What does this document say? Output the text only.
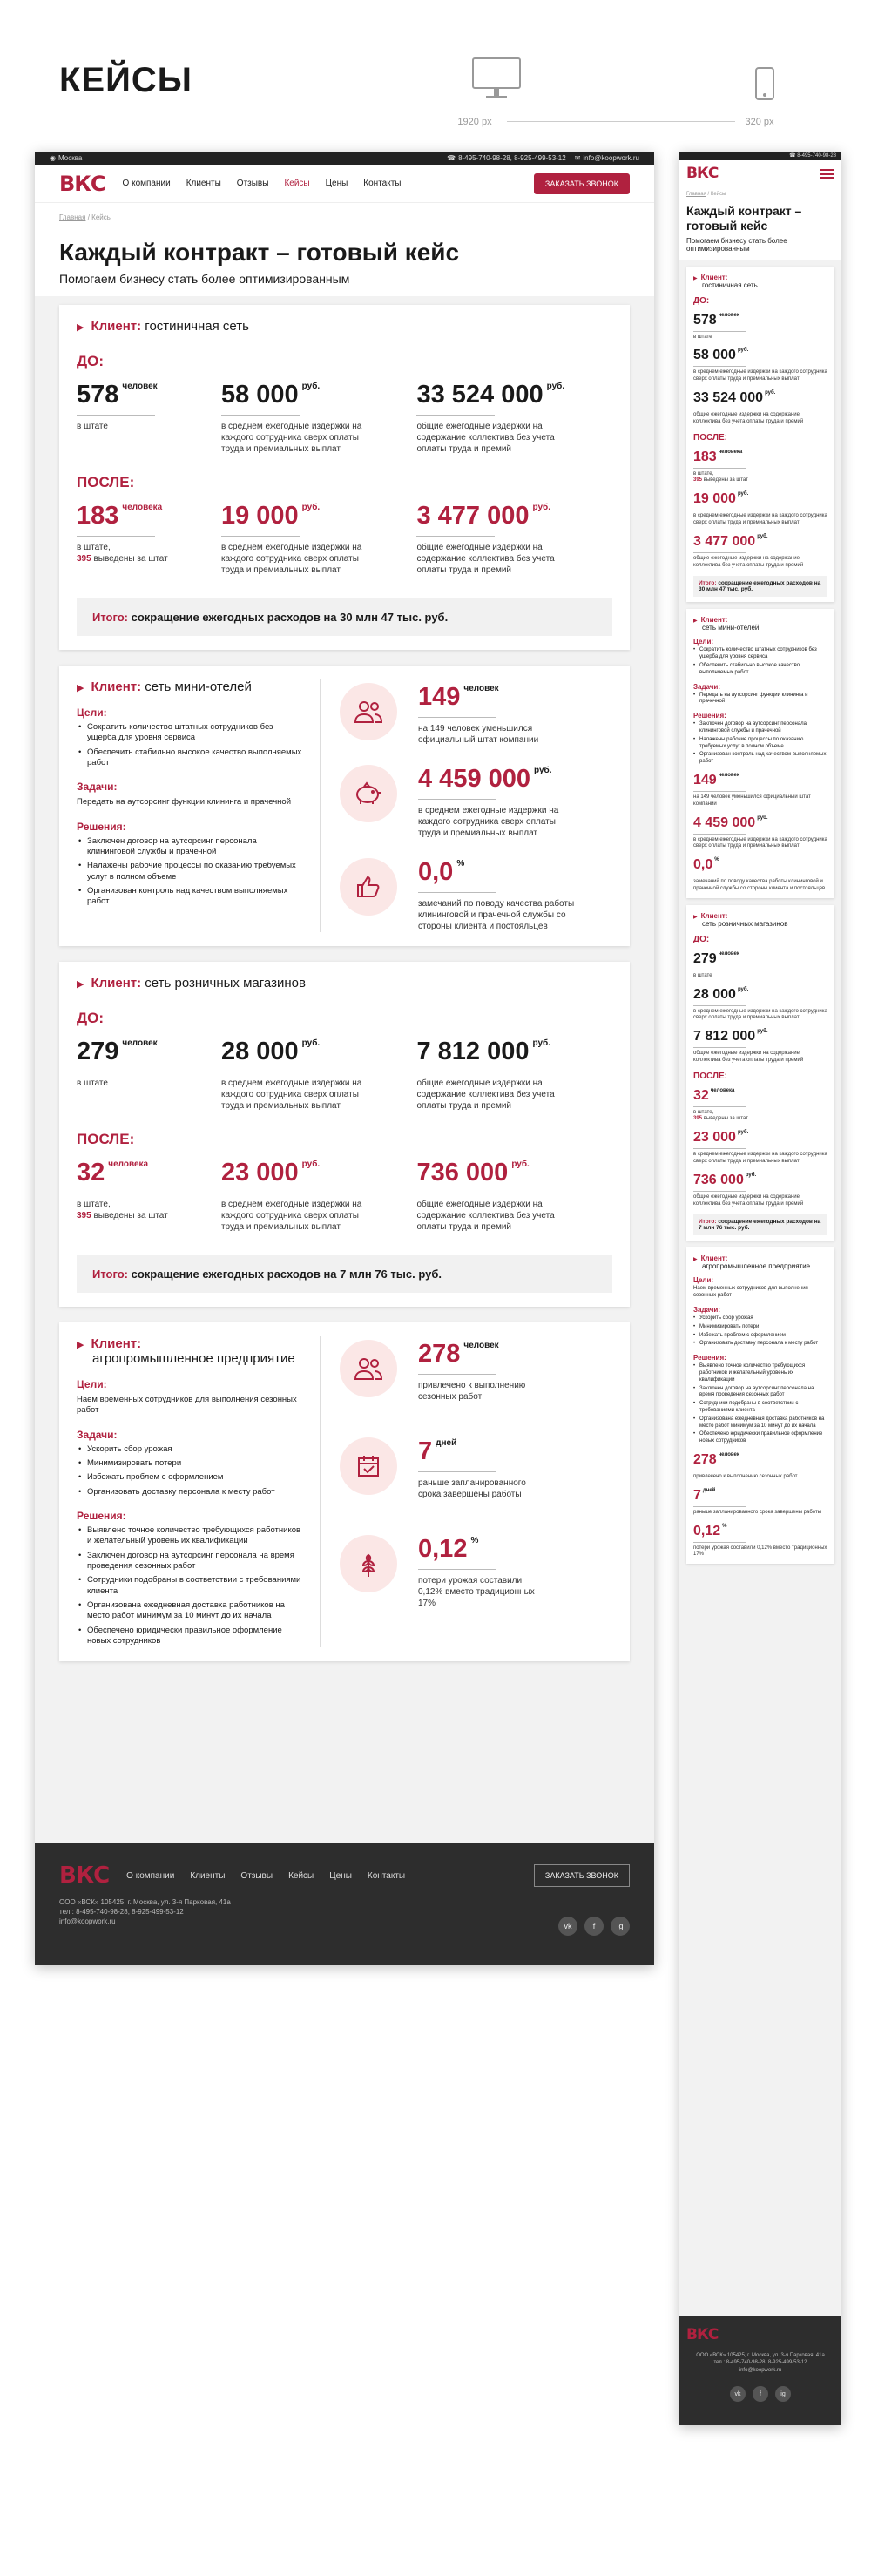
КЕЙСЫ
1920 px	320 px
◉ Москва	☎ 8-495-740-98-28, 8-925-499-53-12 ✉ info@koopwork.ru
ВКС О компании Клиенты Отзывы Кейсы Цены Контакты	ЗАКАЗАТЬ ЗВОНОК
Главная / Кейсы
Каждый контракт – готовый кейс

Помогаем бизнесу стать более оптимизированным

▶ Клиент: гостиничная сеть
ДО:
578 $^{человек}$
в штате
58 000 $^{руб.}$
в среднем ежегодные издержки на каждого сотрудника сверх оплаты труда и премиальных выплат
33 524 000 $^{руб.}$
общие ежегодные издержки на содержание коллектива без учета оплаты труда и премий
ПОСЛЕ:
183 $^{человека}$
в штате,
395 выведены за штат
19 000 $^{руб.}$
в среднем ежегодные издержки на каждого сотрудника сверх оплаты труда и премиальных выплат
3 477 000 $^{руб.}$
общие ежегодные издержки на содержание коллектива без учета оплаты труда и премий
Итого: сокращение ежегодных расходов на 30 млн 47 тыс. руб.
▶ Клиент: сеть мини-отелей
Цели:
• Сократить количество штатных сотрудников без ущерба для уровня сервиса
• Обеспечить стабильно высокое качество выполняемых работ
Задачи:
Передать на аутсорсинг функции клининга и прачечной
Решения:
• Заключен договор на аутсорсинг персонала клининговой службы и прачечной
• Налажены рабочие процессы по оказанию требуемых услуг в полном объеме
• Организован контроль над качеством выполняемых работ
149 $^{человек}$
на 149 человек уменьшился официальный штат компании
4 459 000 $^{руб.}$
в среднем ежегодные издержки на каждого сотрудника сверх оплаты труда и премиальных выплат
0,0 %
замечаний по поводу качества работы клининговой и прачечной службы со стороны клиента и постояльцев
▶ Клиент: сеть розничных магазинов
ДО:
279 $^{человек}$
в штате
28 000 $^{руб.}$
в среднем ежегодные издержки на каждого сотрудника сверх оплаты труда и премиальных выплат
7 812 000 $^{руб.}$
общие ежегодные издержки на содержание коллектива без учета оплаты труда и премий
ПОСЛЕ:
32 $^{человека}$
в штате,
395 выведены за штат
23 000 $^{руб.}$
в среднем ежегодные издержки на каждого сотрудника сверх оплаты труда и премиальных выплат
736 000 $^{руб.}$
общие ежегодные издержки на содержание коллектива без учета оплаты труда и премий
Итого: сокращение ежегодных расходов на 7 млн 76 тыс. руб.
▶ Клиент:
агропромышленное предприятие
Цели:
Наем временных сотрудников для выполнения сезонных работ
Задачи:
• Ускорить сбор урожая
• Минимизировать потери
• Избежать проблем с оформлением
• Организовать доставку персонала к месту работ
Решения:
• Выявлено точное количество требующихся работников и желательный уровень их квалификации
• Заключен договор на аутсорсинг персонала на время проведения сезонных работ
• Сотрудники подобраны в соответствии с требованиями клиента
• Организована ежедневная доставка работников на место работ минимум за 10 минут до их начала
• Обеспечено юридически правильное оформление новых сотрудников
278 $^{человек}$
привлечено к выполнению сезонных работ
7 $^{дней}$
раньше запланированного срока завершены работы
0,12 %
потери урожая составили 0,12% вместо традиционных 17%
ВКС О компании Клиенты Отзывы Кейсы Цены Контакты	ЗАКАЗАТЬ ЗВОНОК
ООО «ВСК» 105425, г. Москва, ул. 3-я Парковая, 41а
тел.: 8-495-740-98-28, 8-925-499-53-12
info@koopwork.ru
vk	f	ig
☎ 8-495-740-98-28
ВКС
Главная / Кейсы
Каждый контракт – готовый кейс

Помогаем бизнесу стать более оптимизированным

▶ Клиент:
гостиничная сеть
ДО:
578 $^{человек}$
в штате
58 000 $^{руб.}$
в среднем ежегодные издержки на каждого сотрудника сверх оплаты труда и премиальных выплат
33 524 000 $^{руб.}$
общие ежегодные издержки на содержание коллектива без учета оплаты труда и премий
ПОСЛЕ:
183 $^{человека}$
в штате,
395 выведены за штат
19 000 $^{руб.}$
в среднем ежегодные издержки на каждого сотрудника сверх оплаты труда и премиальных выплат
3 477 000 $^{руб.}$
общие ежегодные издержки на содержание коллектива без учета оплаты труда и премий
Итого: сокращение ежегодных расходов на 30 млн 47 тыс. руб.
▶ Клиент:
сеть мини-отелей
Цели:
• Сократить количество штатных сотрудников без ущерба для уровня сервиса
• Обеспечить стабильно высокое качество выполняемых работ
Задачи:
• Передать на аутсорсинг функции клининга и прачечной
Решения:
• Заключен договор на аутсорсинг персонала клининговой службы и прачечной
• Налажены рабочие процессы по оказанию требуемых услуг в полном объеме
• Организован контроль над качеством выполняемых работ
149 $^{человек}$
на 149 человек уменьшился официальный штат компании
4 459 000 $^{руб.}$
в среднем ежегодные издержки на каждого сотрудника сверх оплаты труда и премиальных выплат
0,0 %
замечаний по поводу качества работы клининговой и прачечной службы со стороны клиента и постояльцев
▶ Клиент:
сеть розничных магазинов
ДО:
279 $^{человек}$
в штате
28 000 $^{руб.}$
в среднем ежегодные издержки на каждого сотрудника сверх оплаты труда и премиальных выплат
7 812 000 $^{руб.}$
общие ежегодные издержки на содержание коллектива без учета оплаты труда и премий
ПОСЛЕ:
32 $^{человека}$
в штате,
395 выведены за штат
23 000 $^{руб.}$
в среднем ежегодные издержки на каждого сотрудника сверх оплаты труда и премиальных выплат
736 000 $^{руб.}$
общие ежегодные издержки на содержание коллектива без учета оплаты труда и премий
Итого: сокращение ежегодных расходов на 7 млн 76 тыс. руб.
▶ Клиент:
агропромышленное предприятие
Цели:
Наем временных сотрудников для выполнения сезонных работ
Задачи:
• Ускорить сбор урожая
• Минимизировать потери
• Избежать проблем с оформлением
• Организовать доставку персонала к месту работ
Решения:
• Выявлено точное количество требующихся работников и желательный уровень их квалификации
• Заключен договор на аутсорсинг персонала на время проведения сезонных работ
• Сотрудники подобраны в соответствии с требованиями клиента
• Организована ежедневная доставка работников на место работ минимум за 10 минут до их начала
• Обеспечено юридически правильное оформление новых сотрудников
278 $^{человек}$
привлечено к выполнению сезонных работ
7 $^{дней}$
раньше запланированного срока завершены работы
0,12 %
потери урожая составили 0,12% вместо традиционных 17%
ВКС
ООО «ВСК» 105425, г. Москва, ул. 3-я Парковая, 41а
тел.: 8-495-740-98-28, 8-925-499-53-12
info@koopwork.ru
vk	f	ig
